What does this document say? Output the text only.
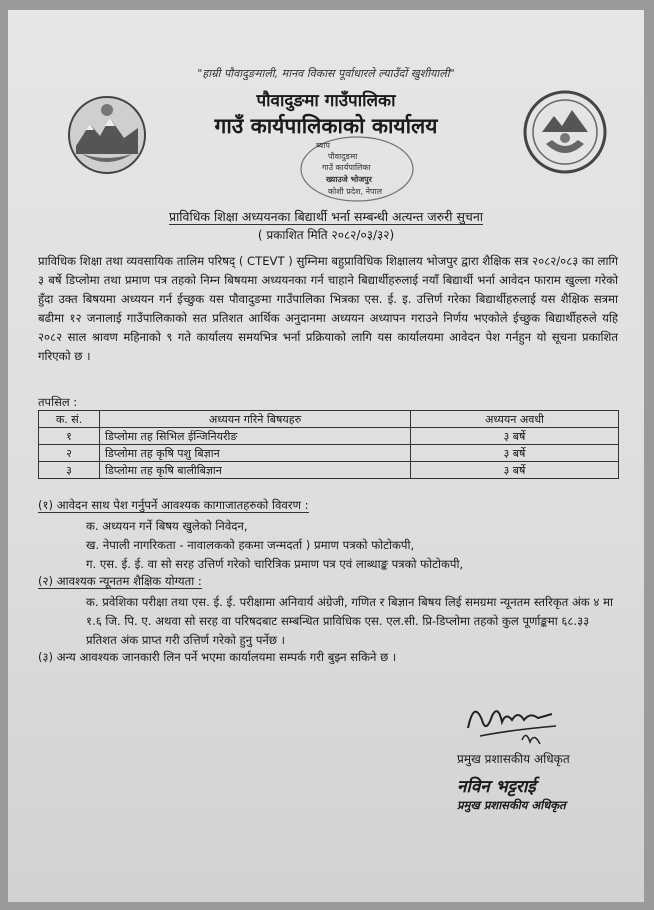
"हाम्री पौवादुङमाली, मानव विकास पूर्वाधारले ल्याउँदों खुशीयाली"
पौवादुङमा गाउँपालिका
गाउँ कार्यपालिकाको कार्यालय
ब्याप
पौवादुङमा
गाउँ कार्यपालिका
ख्याउजे भोजपुर
कोशी प्रदेश, नेपाल
प्राविधिक शिक्षा अध्ययनका बिद्यार्थी भर्ना सम्बन्धी अत्यन्त जरुरी सुचना
( प्रकाशित मिति २०८२/०३/३२)
प्राविधिक शिक्षा तथा व्यवसायिक तालिम परिषद् ( CTEVT ) सुम्निमा बहुप्राविधिक शिक्षालय भोजपुर द्वारा शैक्षिक सत्र २०८२/०८३ का लागि ३ बर्षे डिप्लोमा तथा प्रमाण पत्र तहको निम्न बिषयमा अध्ययनका गर्न चाहाने बिद्यार्थीहरुलाई नयाँ बिद्यार्थी भर्ना आवेदन फाराम खुल्ला गरेको हुँदा उक्त बिषयमा अध्ययन गर्न ईच्छुक यस पौवादुङमा गाउँपालिका भित्रका एस. ई. इ. उत्तिर्ण गरेका बिद्यार्थीहरुलाई यस शैक्षिक सत्रमा बढीमा १२ जनालाई गाउँपालिकाको सत प्रतिशत आर्थिक अनुदानमा अध्ययन अध्यापन गराउने निर्णय भएकोले ईच्छुक बिद्यार्थीहरुले यहि २०८२ साल श्रावण महिनाको ९ गते कार्यालय समयभित्र भर्ना प्रक्रियाको लागि यस कार्यालयमा आवेदन पेश गर्नहुन यो सूचना प्रकाशित गरिएको छ ।
तपसिल :
क. सं.	अध्ययन गरिने बिषयहरु	अध्ययन अवधी
१	डिप्लोमा तह सिभिल ईन्जिनियरीङ	३ बर्षे
२	डिप्लोमा तह कृषि पशु बिज्ञान	३ बर्षे
३	डिप्लोमा तह कृषि बालीबिज्ञान	३ बर्षे
(१) आवेदन साथ पेश गर्नुपर्ने आवश्यक कागाजातहरुको विवरण :
क. अध्ययन गर्ने बिषय खुलेको निवेदन,
ख. नेपाली नागरिकता - नावालकको हकमा जन्मदर्ता ) प्रमाण पत्रको फोटोकपी,
ग. एस. ई. ई. वा सो सरह उत्तिर्ण गरेको चारित्रिक प्रमाण पत्र एवं लाब्धाङ्क पत्रको फोटोकपी,
(२) आवश्यक न्यूनतम शैक्षिक योग्यता :
क. प्रवेशिका परीक्षा तथा एस. ई. ई. परीक्षामा अनिवार्य अंग्रेजी, गणित र बिज्ञान बिषय लिई समग्रमा न्यूनतम स्तरिकृत अंक ४ मा १.६ जि. पि. ए. अथवा सो सरह वा परिषदबाट सम्बन्धित प्राविधिक एस. एल.सी. प्रि-डिप्लोमा तहको कुल पूर्णाङ्कमा ६८.३३ प्रतिशत अंक प्राप्त गरी उत्तिर्ण गरेको हुनु पर्नेछ ।
(३) अन्य आवश्यक जानकारी लिन पर्ने भएमा कार्यालयमा सम्पर्क गरी बुझ्न सकिने छ ।
प्रमुख प्रशासकीय अधिकृत
नविन भट्टराई
प्रमुख प्रशासकीय अधिकृत
